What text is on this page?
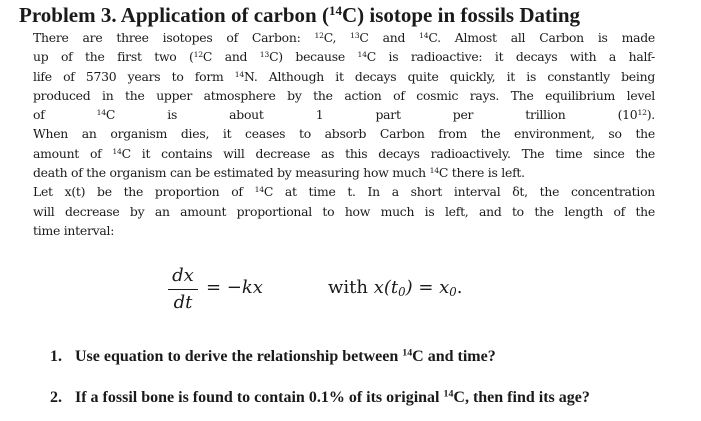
Problem 3. Application of carbon ($^{14}$C) isotope in fossils Dating
There are three isotopes of Carbon: $^{12}$C, $^{13}$C and $^{14}$C. Almost all Carbon is made
up of the first two ($^{12}$C and $^{13}$C) because $^{14}$C is radioactive: it decays with a half-
life of 5730 years to form $^{14}$N. Although it decays quite quickly, it is constantly being
produced in the upper atmosphere by the action of cosmic rays. The equilibrium level
of $^{14}$C is about 1 part per trillion $(10^{12})$.
When an organism dies, it ceases to absorb Carbon from the environment, so the
amount of $^{14}$C it contains will decrease as this decays radioactively. The time since the
death of the organism can be estimated by measuring how much $^{14}$C there is left.
Let x(t) be the proportion of $^{14}$C at time t. In a short interval δt, the concentration
will decrease by an amount proportional to how much is left, and to the length of the
time interval:
dx
dt
= −kx	with $x(t_0) = x_0$.
1. Use equation to derive the relationship between $^{14}$C and time?
2. If a fossil bone is found to contain 0.1% of its original $^{14}$C, then find its age?
